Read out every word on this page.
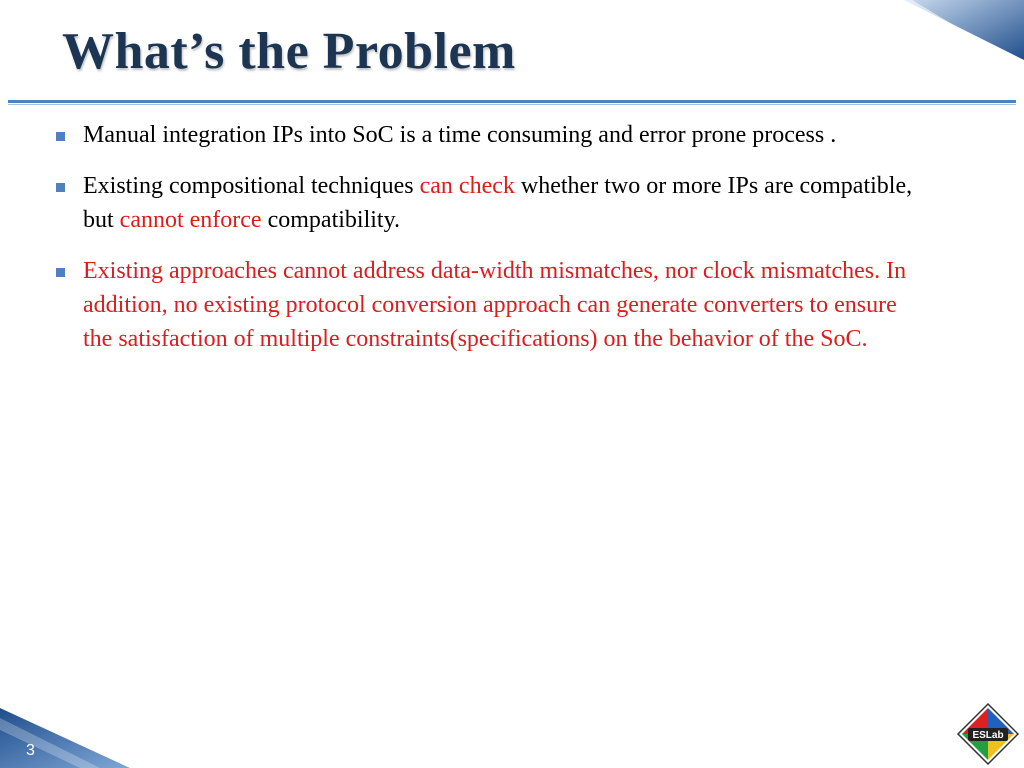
What’s the Problem
Manual integration IPs into SoC is a time consuming and error prone process .
Existing compositional techniques can check whether two or more IPs are compatible, but cannot enforce compatibility.
Existing approaches cannot address data-width mismatches, nor clock mismatches. In addition, no existing protocol conversion approach can generate converters to ensure the satisfaction of multiple constraints(specifications) on the behavior of the SoC.
3
ESLab
